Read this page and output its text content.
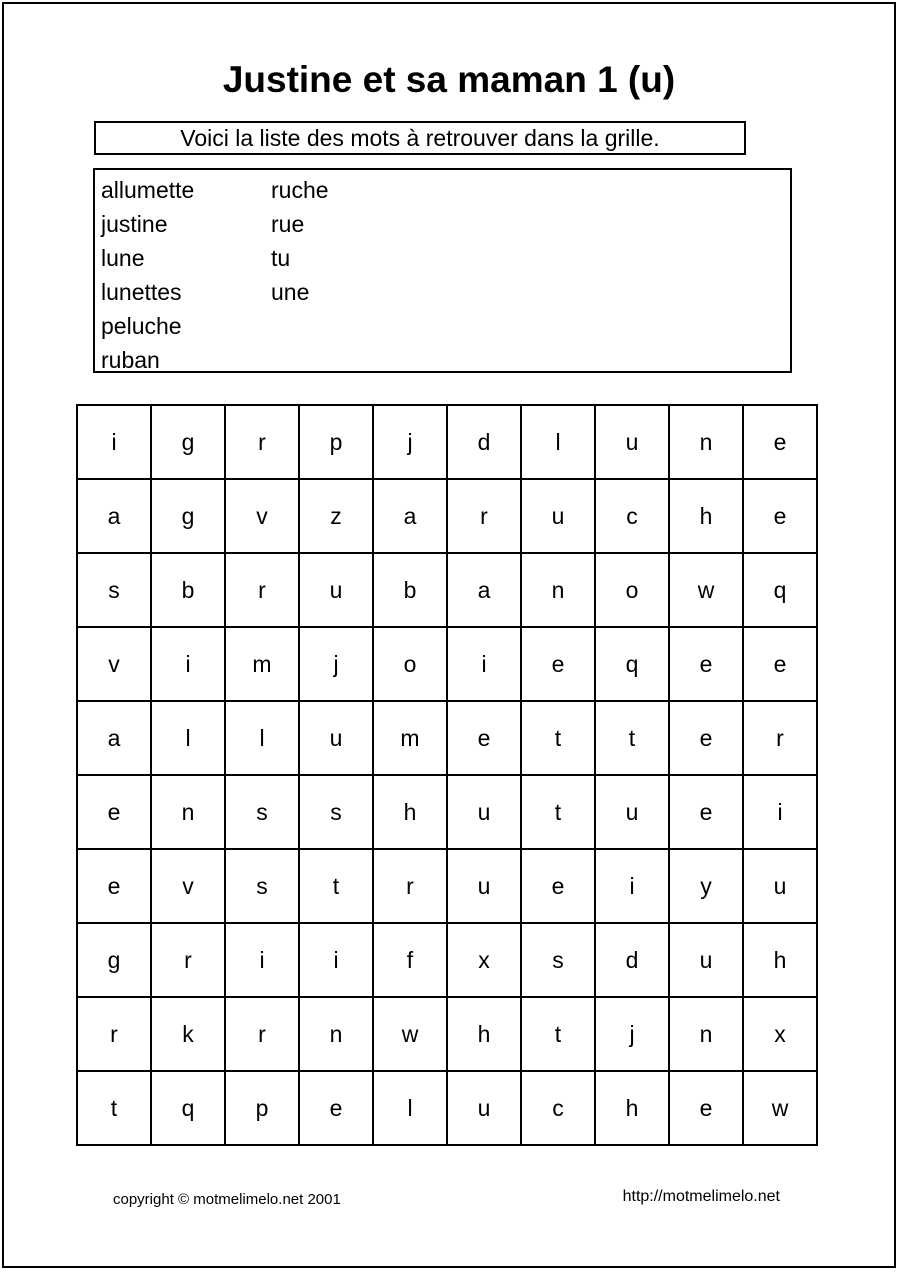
Justine et sa maman 1 (u)
Voici la liste des mots à retrouver dans la grille.
allumette
justine
lune
lunettes
peluche
ruban
ruche
rue
tu
une
i	g	r	p	j	d	l	u	n	e
a	g	v	z	a	r	u	c	h	e
s	b	r	u	b	a	n	o	w	q
v	i	m	j	o	i	e	q	e	e
a	l	l	u	m	e	t	t	e	r
e	n	s	s	h	u	t	u	e	i
e	v	s	t	r	u	e	i	y	u
g	r	i	i	f	x	s	d	u	h
r	k	r	n	w	h	t	j	n	x
t	q	p	e	l	u	c	h	e	w
copyright © motmelimelo.net 2001	http://motmelimelo.net
